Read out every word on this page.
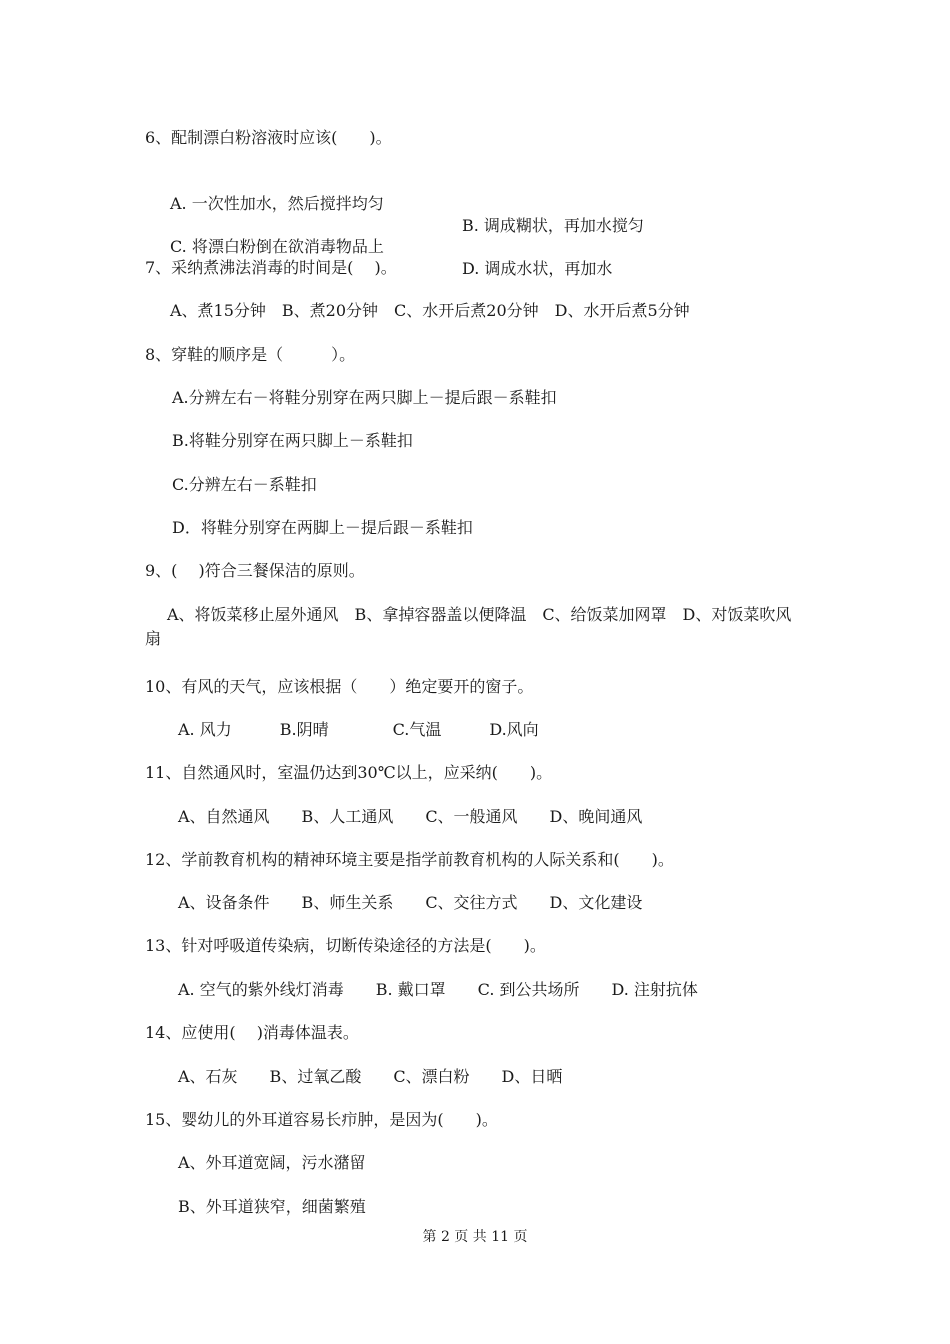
6、配制漂白粉溶液时应该(　　)。

A. 一次性加水，然后搅拌均匀

B. 调成糊状，再加水搅匀

C. 将漂白粉倒在欲消毒物品上

D. 调成水状，再加水

7、采纳煮沸法消毒的时间是(　 )。
A、煮15分钟　B、煮20分钟　C、水开后煮20分钟　D、水开后煮5分钟
8、穿鞋的顺序是（　　　）。
A.分辨左右－将鞋分别穿在两只脚上－提后跟－系鞋扣
B.将鞋分别穿在两只脚上－系鞋扣
C.分辨左右－系鞋扣
D．将鞋分别穿在两脚上－提后跟－系鞋扣
9、(　 )符合三餐保洁的原则。
A、将饭菜移止屋外通风　B、拿掉容器盖以便降温　C、给饭菜加网罩　D、对饭菜吹风扇
10、有风的天气，应该根据（　　）绝定要开的窗子。
A. 风力　　　B.阴晴　　　　C.气温　　　D.风向
11、自然通风时，室温仍达到30℃以上，应采纳(　　)。
A、自然通风　　B、人工通风　　C、一般通风　　D、晚间通风
12、学前教育机构的精神环境主要是指学前教育机构的人际关系和(　　)。
A、设备条件　　B、师生关系　　C、交往方式　　D、文化建设
13、针对呼吸道传染病，切断传染途径的方法是(　　)。
A. 空气的紫外线灯消毒　　B. 戴口罩　　C. 到公共场所　　D. 注射抗体
14、应使用(　 )消毒体温表。
A、石灰　　B、过氧乙酸　　C、漂白粉　　D、日晒
15、婴幼儿的外耳道容易长疖肿，是因为(　　)。
A、外耳道宽阔，污水潴留
B、外耳道狭窄，细菌繁殖
第 2 页 共 11 页
